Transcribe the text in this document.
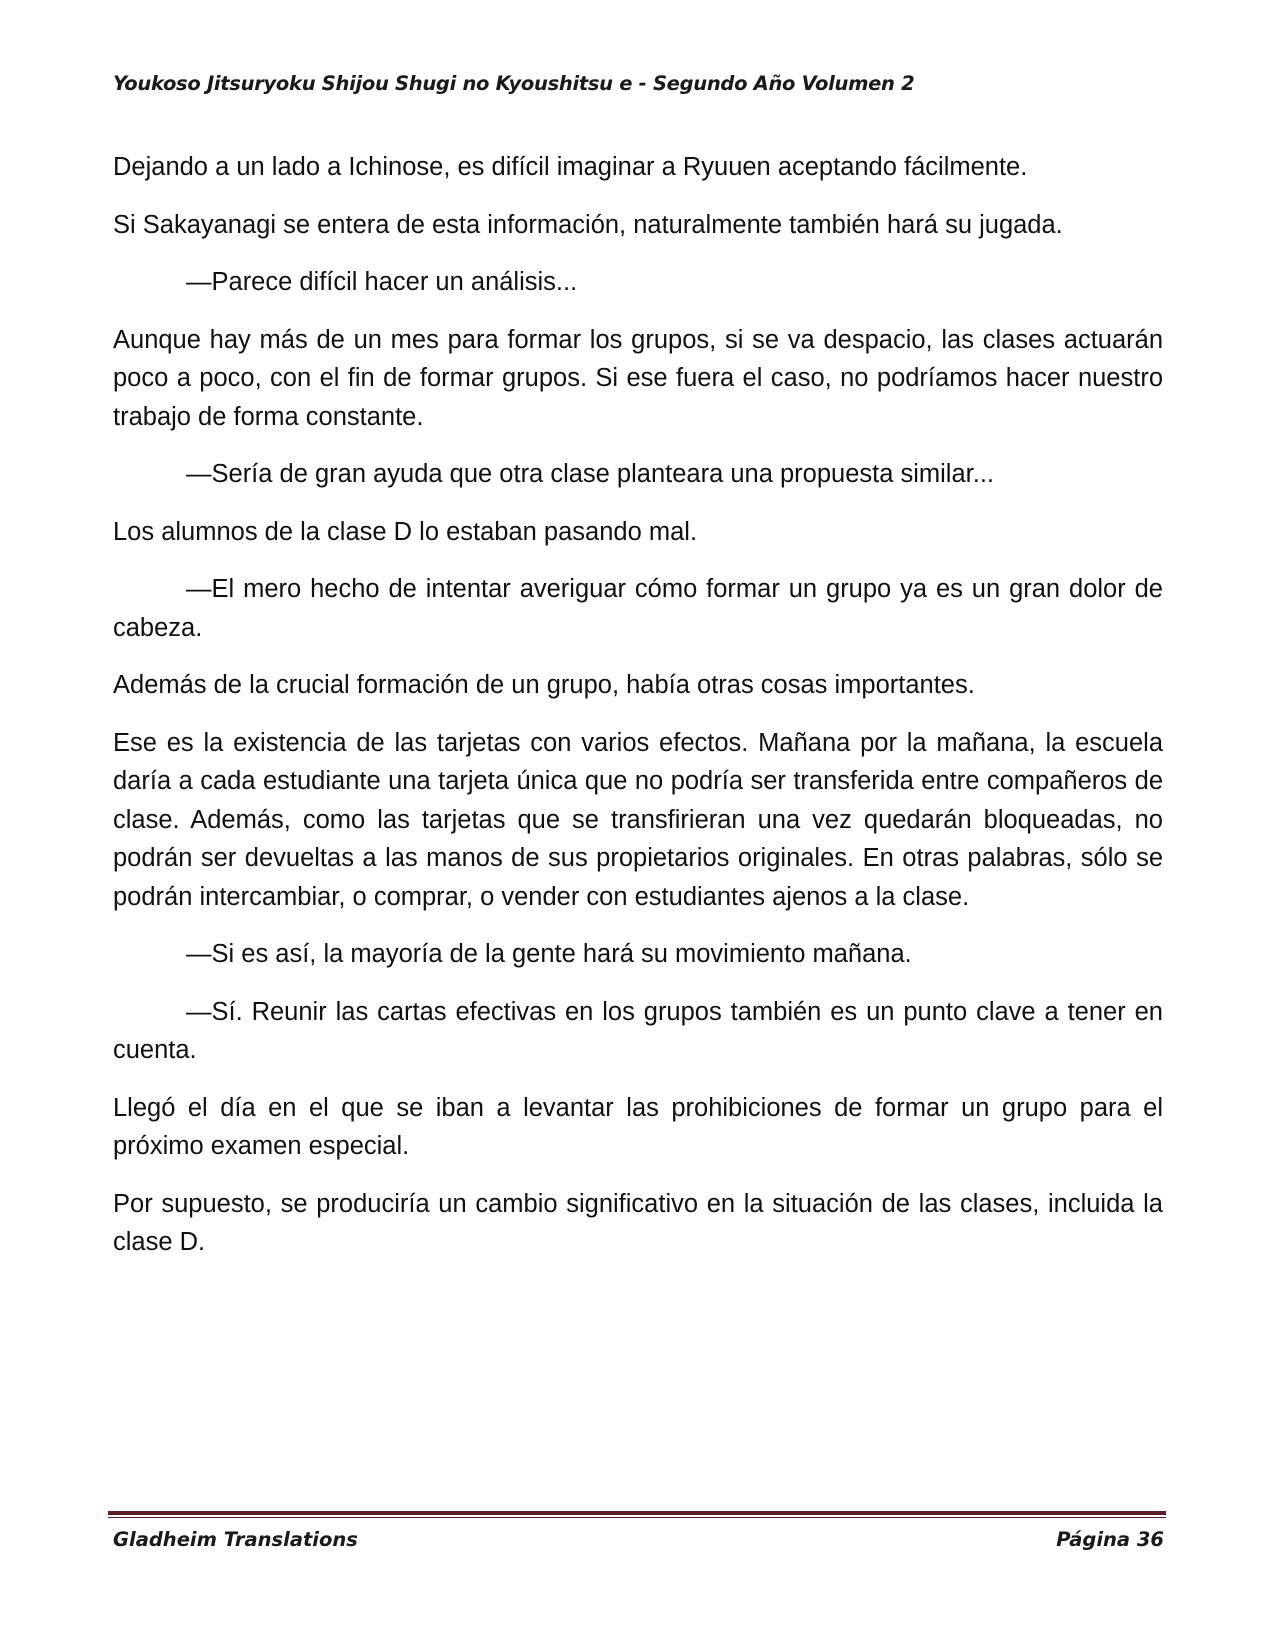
Youkoso Jitsuryoku Shijou Shugi no Kyoushitsu e - Segundo Año Volumen 2

Dejando a un lado a Ichinose, es difícil imaginar a Ryuuen aceptando fácilmente.

Si Sakayanagi se entera de esta información, naturalmente también hará su jugada.

—Parece difícil hacer un análisis...

Aunque hay más de un mes para formar los grupos, si se va despacio, las clases actuarán poco a poco, con el fin de formar grupos. Si ese fuera el caso, no podríamos hacer nuestro trabajo de forma constante.

—Sería de gran ayuda que otra clase planteara una propuesta similar...

Los alumnos de la clase D lo estaban pasando mal.

—El mero hecho de intentar averiguar cómo formar un grupo ya es un gran dolor de cabeza.

Además de la crucial formación de un grupo, había otras cosas importantes.

Ese es la existencia de las tarjetas con varios efectos. Mañana por la mañana, la escuela daría a cada estudiante una tarjeta única que no podría ser transferida entre compañeros de clase. Además, como las tarjetas que se transfirieran una vez quedarán bloqueadas, no podrán ser devueltas a las manos de sus propietarios originales. En otras palabras, sólo se podrán intercambiar, o comprar, o vender con estudiantes ajenos a la clase.

—Si es así, la mayoría de la gente hará su movimiento mañana.

—Sí. Reunir las cartas efectivas en los grupos también es un punto clave a tener en cuenta.

Llegó el día en el que se iban a levantar las prohibiciones de formar un grupo para el próximo examen especial.

Por supuesto, se produciría un cambio significativo en la situación de las clases, incluida la clase D.

Gladheim Translations	Página 36
